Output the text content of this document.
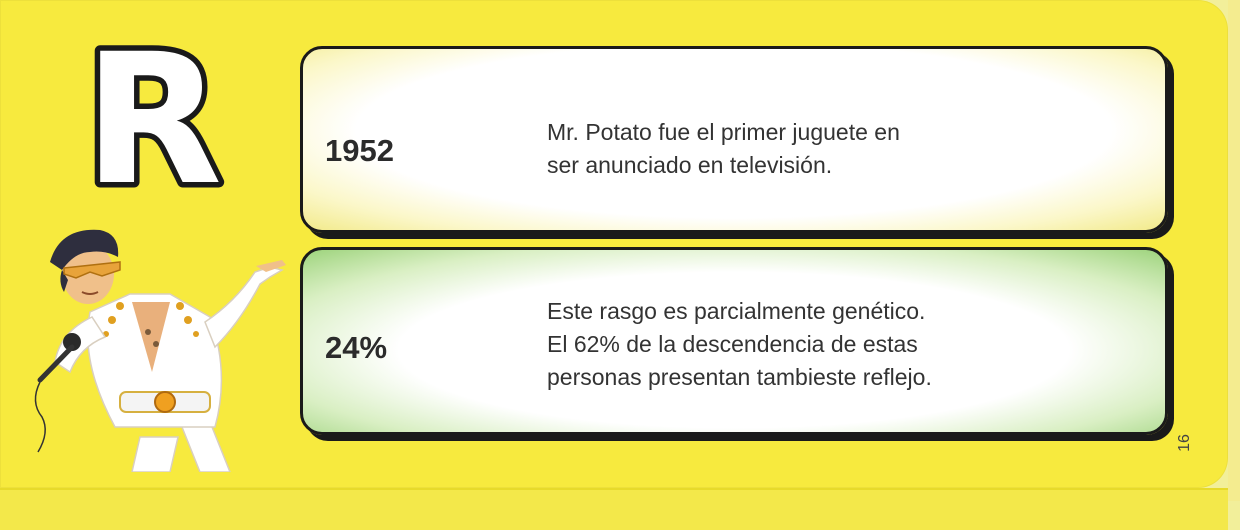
R	1952
Mr. Potato fue el primer juguete en
ser anunciado en televisión.
24%
Este rasgo es parcialmente genético.
El 62% de la descendencia de estas
personas presentan tambieste reflejo.
16
